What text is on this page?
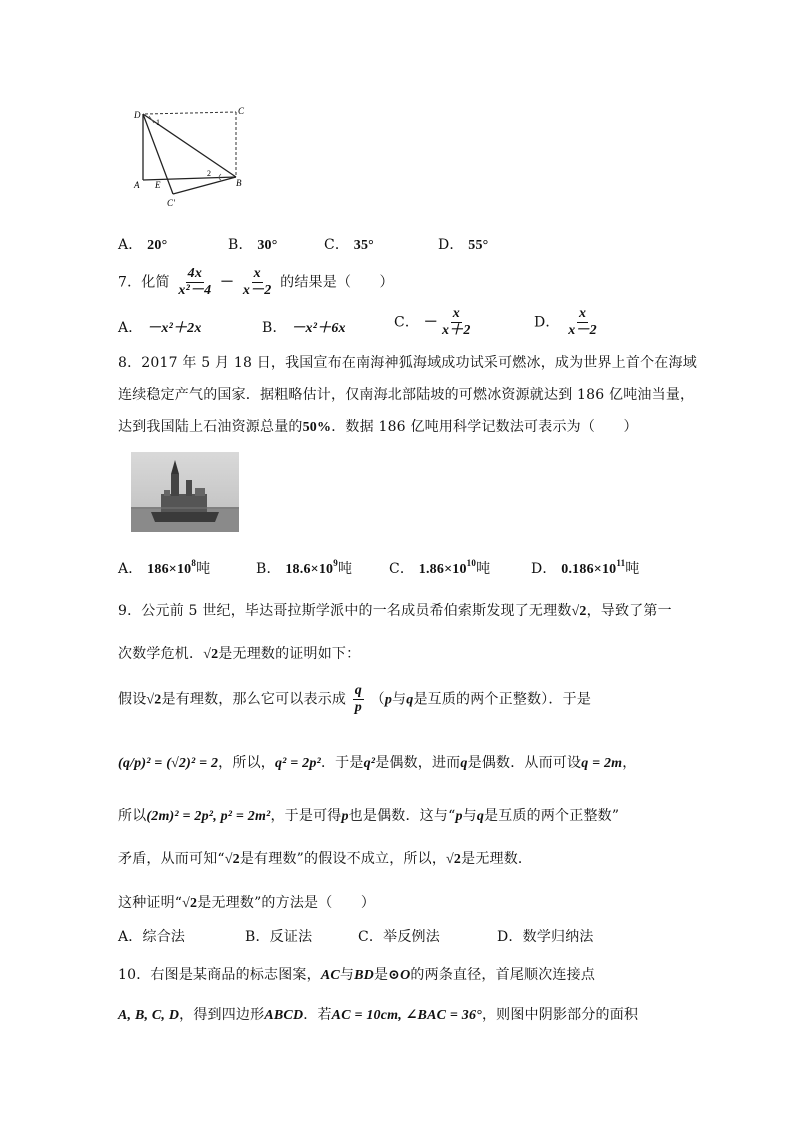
D	C
A E	B
C'
1
2
A． 20°	B． 30°	C． 35°	D． 55°
7．化简 $\frac{4x}{\text{x²－4}} - \frac{x}{x-2}$ 的结果是（　　）
A． －x²＋2x	B． －x²＋6x	C． － $\frac{x}{x+2}$	D． $\frac{x}{x-2}$
8．2017 年 5 月 18 日，我国宣布在南海神狐海域成功试采可燃冰，成为世界上首个在海域
连续稳定产气的国家．据粗略估计，仅南海北部陆坡的可燃冰资源就达到 186 亿吨油当量，
达到我国陆上石油资源总量的50%．数据 186 亿吨用科学记数法可表示为（　　）
A． $186\times 10^8$吨	B． $18.6\times 10^9$吨	C． $1.86\times 10^{10}$吨	D． $0.186\times 10^{11}$吨
9．公元前 5 世纪，毕达哥拉斯学派中的一名成员希伯索斯发现了无理数√2，导致了第一
次数学危机．√2是无理数的证明如下：
假设√2是有理数，那么它可以表示成 $\frac{q}{p} (p$与q是互质的两个正整数）．于是
(q/p)² = (√2)² = 2，所以，q² = 2p²．于是q²是偶数，进而q是偶数．从而可设q = 2m，
所以(2m)² = 2p², p² = 2m²，于是可得p也是偶数．这与“p与q是互质的两个正整数”
矛盾，从而可知“√2是有理数”的假设不成立，所以，√2是无理数．
这种证明“√2是无理数”的方法是（　　）
A．综合法	B．反证法	C．举反例法	D．数学归纳法
10．右图是某商品的标志图案，AC与BD是⊙O的两条直径，首尾顺次连接点
A, B, C, D，得到四边形ABCD．若AC = 10cm, ∠BAC = 36°，则图中阴影部分的面积
